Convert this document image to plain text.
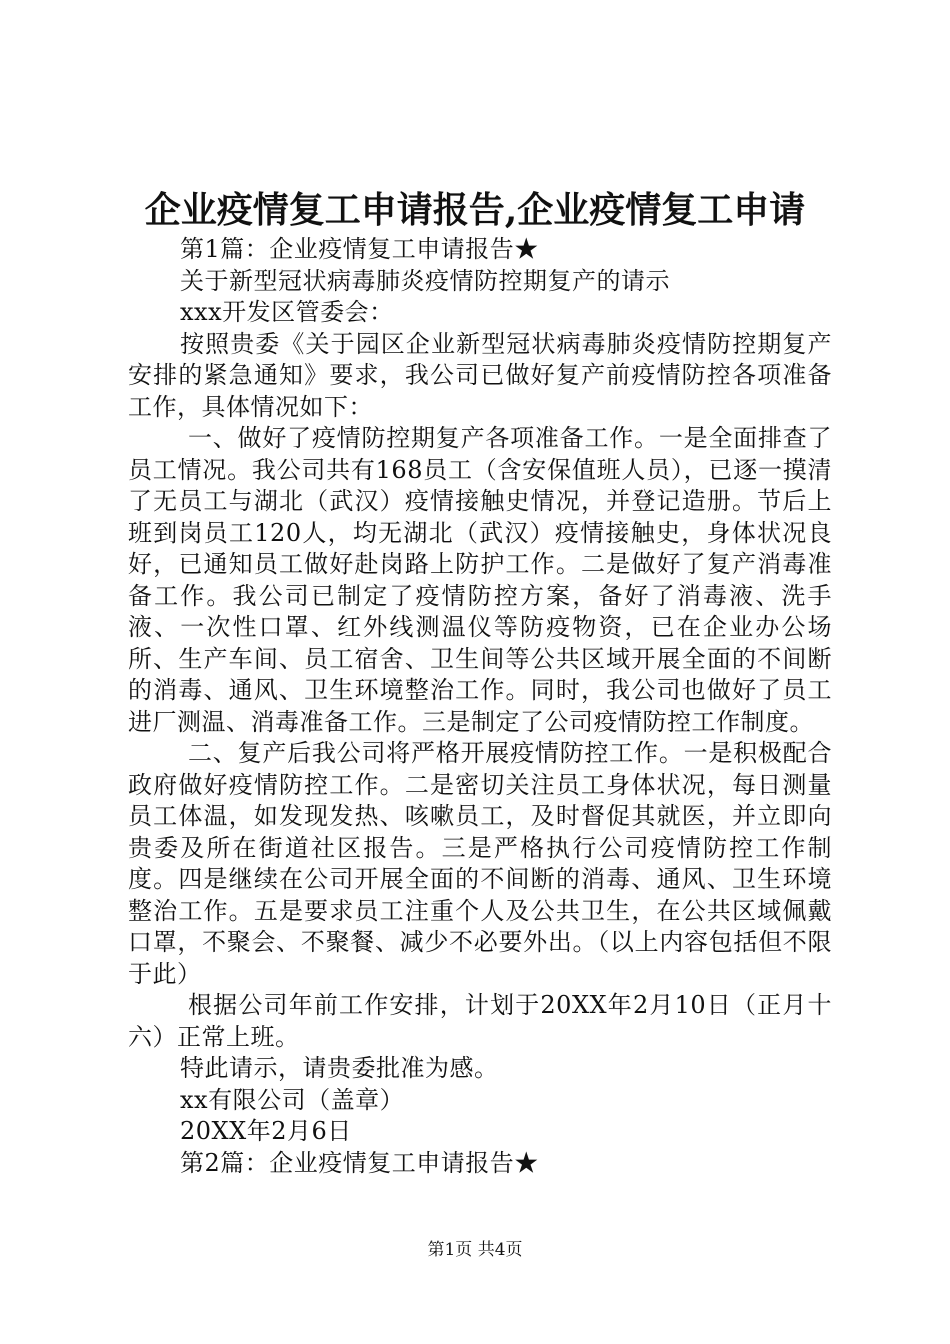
企业疫情复工申请报告,企业疫情复工申请

第1篇：企业疫情复工申请报告★

关于新型冠状病毒肺炎疫情防控期复产的请示

xxx开发区管委会：

按照贵委《关于园区企业新型冠状病毒肺炎疫情防控期复产安排的紧急通知》要求，我公司已做好复产前疫情防控各项准备工作，具体情况如下：

一、做好了疫情防控期复产各项准备工作。一是全面排查了员工情况。我公司共有168员工（含安保值班人员），已逐一摸清了无员工与湖北（武汉）疫情接触史情况，并登记造册。节后上班到岗员工120人，均无湖北（武汉）疫情接触史，身体状况良好，已通知员工做好赴岗路上防护工作。二是做好了复产消毒准备工作。我公司已制定了疫情防控方案，备好了消毒液、洗手液、一次性口罩、红外线测温仪等防疫物资，已在企业办公场所、生产车间、员工宿舍、卫生间等公共区域开展全面的不间断的消毒、通风、卫生环境整治工作。同时，我公司也做好了员工进厂测温、消毒准备工作。三是制定了公司疫情防控工作制度。

二、复产后我公司将严格开展疫情防控工作。一是积极配合政府做好疫情防控工作。二是密切关注员工身体状况，每日测量员工体温，如发现发热、咳嗽员工，及时督促其就医，并立即向贵委及所在街道社区报告。三是严格执行公司疫情防控工作制度。四是继续在公司开展全面的不间断的消毒、通风、卫生环境整治工作。五是要求员工注重个人及公共卫生，在公共区域佩戴口罩，不聚会、不聚餐、减少不必要外出。（以上内容包括但不限于此）

根据公司年前工作安排，计划于20XX年2月10日（正月十六）正常上班。

特此请示，请贵委批准为感。

xx有限公司（盖章）

20XX年2月6日

第2篇：企业疫情复工申请报告★

第1页 共4页
